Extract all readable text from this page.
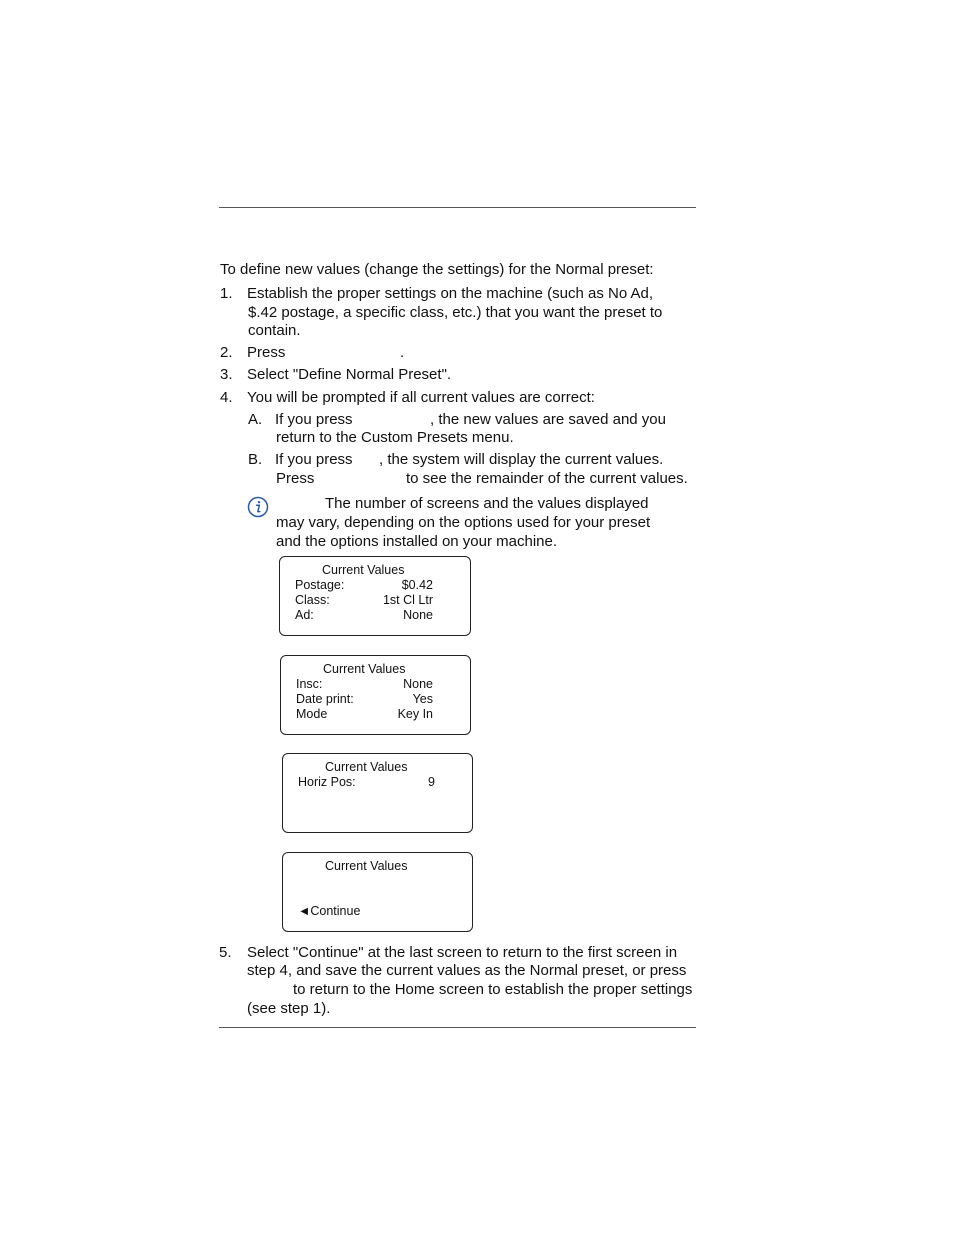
To define new values (change the settings) for the Normal preset:
1. Establish the proper settings on the machine (such as No Ad,
$.42 postage, a specific class, etc.) that you want the preset to
contain.
2. Press	.
3. Select "Define Normal Preset".
4. You will be prompted if all current values are correct:
A. If you press	, the new values are saved and you
return to the Custom Presets menu.
B. If you press , the system will display the current values.
Press	to see the remainder of the current values.
The number of screens and the values displayed
may vary, depending on the options used for your preset
and the options installed on your machine.
Current Values
Postage:	$0.42
Class:	1st Cl Ltr
Ad:	None
Current Values
Insc:	None
Date print:	Yes
Mode	Key In
Current Values
Horiz Pos:	9
Current Values
◄Continue
5. Select "Continue" at the last screen to return to the first screen in
step 4, and save the current values as the Normal preset, or press
to return to the Home screen to establish the proper settings
(see step 1).
